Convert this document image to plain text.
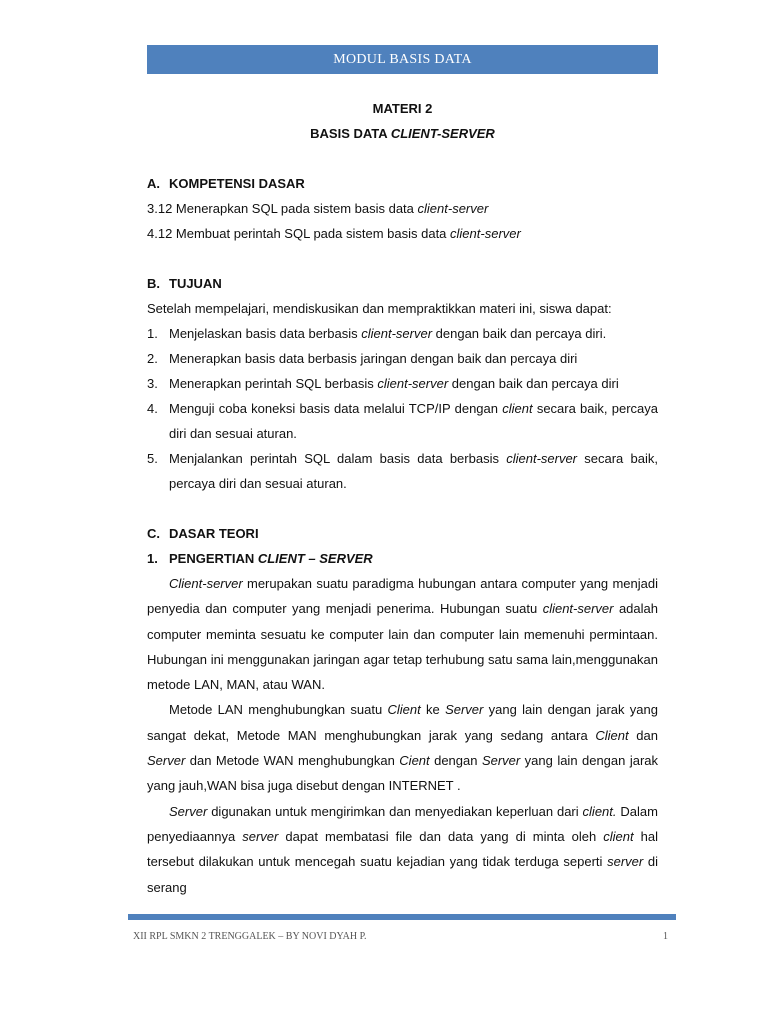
MODUL BASIS DATA
MATERI 2
BASIS DATA CLIENT-SERVER
A. KOMPETENSI DASAR
3.12 Menerapkan SQL pada sistem basis data client-server
4.12 Membuat perintah SQL pada sistem basis data client-server
B. TUJUAN
Setelah mempelajari, mendiskusikan dan mempraktikkan materi ini, siswa dapat:
1. Menjelaskan basis data berbasis client-server dengan baik dan percaya diri.
2. Menerapkan basis data berbasis jaringan dengan baik dan percaya diri
3. Menerapkan perintah SQL berbasis client-server dengan baik dan percaya diri
4. Menguji coba koneksi basis data melalui TCP/IP dengan client secara baik, percaya diri dan sesuai aturan.
5. Menjalankan perintah SQL dalam basis data berbasis client-server secara baik, percaya diri dan sesuai aturan.
C. DASAR TEORI
1. PENGERTIAN CLIENT – SERVER

Client-server merupakan suatu paradigma hubungan antara computer yang menjadi penyedia dan computer yang menjadi penerima. Hubungan suatu client-server adalah computer meminta sesuatu ke computer lain dan computer lain memenuhi permintaan. Hubungan ini menggunakan jaringan agar tetap terhubung satu sama lain,menggunakan metode LAN, MAN, atau WAN.

Metode LAN menghubungkan suatu Client ke Server yang lain dengan jarak yang sangat dekat, Metode MAN menghubungkan jarak yang sedang antara Client dan Server dan Metode WAN menghubungkan Cient dengan Server yang lain dengan jarak yang jauh,WAN bisa juga disebut dengan INTERNET .

Server digunakan untuk mengirimkan dan menyediakan keperluan dari client. Dalam penyediaannya server dapat membatasi file dan data yang di minta oleh client hal tersebut dilakukan untuk mencegah suatu kejadian yang tidak terduga seperti server di serang

XII RPL SMKN 2 TRENGGALEK – BY NOVI DYAH P.	1
